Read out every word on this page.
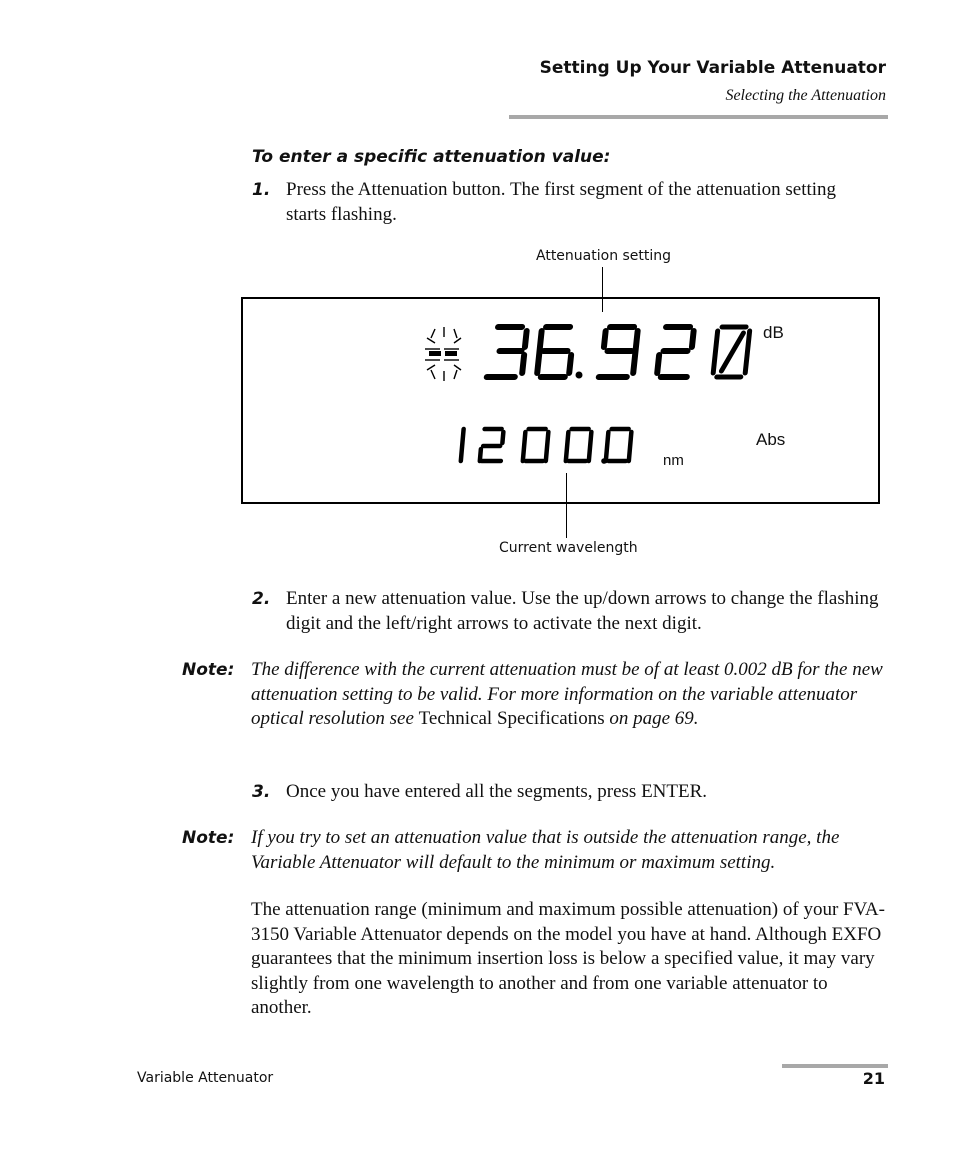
Setting Up Your Variable Attenuator
Selecting the Attenuation
To enter a specific attenuation value:
1. Press the Attenuation button. The first segment of the attenuation setting starts flashing.
Attenuation setting
dB
nm
Abs
Current wavelength
2. Enter a new attenuation value. Use the up/down arrows to change the flashing digit and the left/right arrows to activate the next digit.
Note: The difference with the current attenuation must be of at least 0.002 dB for the new attenuation setting to be valid. For more information on the variable attenuator optical resolution see Technical Specifications on page 69.
3. Once you have entered all the segments, press ENTER.
Note: If you try to set an attenuation value that is outside the attenuation range, the Variable Attenuator will default to the minimum or maximum setting.
The attenuation range (minimum and maximum possible attenuation) of your FVA-3150 Variable Attenuator depends on the model you have at hand. Although EXFO guarantees that the minimum insertion loss is below a specified value, it may vary slightly from one wavelength to another and from one variable attenuator to another.
Variable Attenuator	21
